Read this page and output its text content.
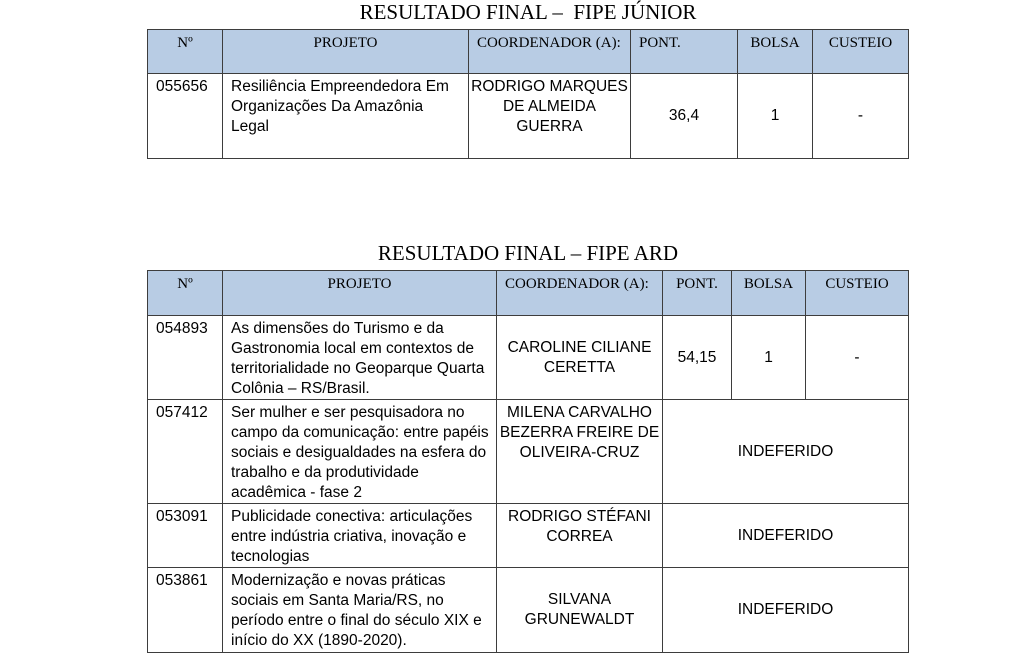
RESULTADO FINAL –  FIPE JÚNIOR
Nº	PROJETO	COORDENADOR (A):	PONT.	BOLSA	CUSTEIO
055656	Resiliência Empreendedora Em Organizações Da Amazônia Legal	RODRIGO MARQUES DE ALMEIDA GUERRA	36,4	1	-
RESULTADO FINAL – FIPE ARD
Nº	PROJETO	COORDENADOR (A):	PONT.	BOLSA	CUSTEIO
054893	As dimensões do Turismo e da Gastronomia local em contextos de territorialidade no Geoparque Quarta Colônia – RS/Brasil.	CAROLINE CILIANE CERETTA	54,15	1	-
057412	Ser mulher e ser pesquisadora no campo da comunicação: entre papéis sociais e desigualdades na esfera do trabalho e da produtividade acadêmica - fase 2	MILENA CARVALHO BEZERRA FREIRE DE OLIVEIRA-CRUZ	INDEFERIDO		
053091	Publicidade conectiva: articulações entre indústria criativa, inovação e tecnologias	RODRIGO STÉFANI CORREA	INDEFERIDO		
053861	Modernização e novas práticas sociais em Santa Maria/RS, no período entre o final do século XIX e início do XX (1890-2020).	SILVANA GRUNEWALDT	INDEFERIDO		
